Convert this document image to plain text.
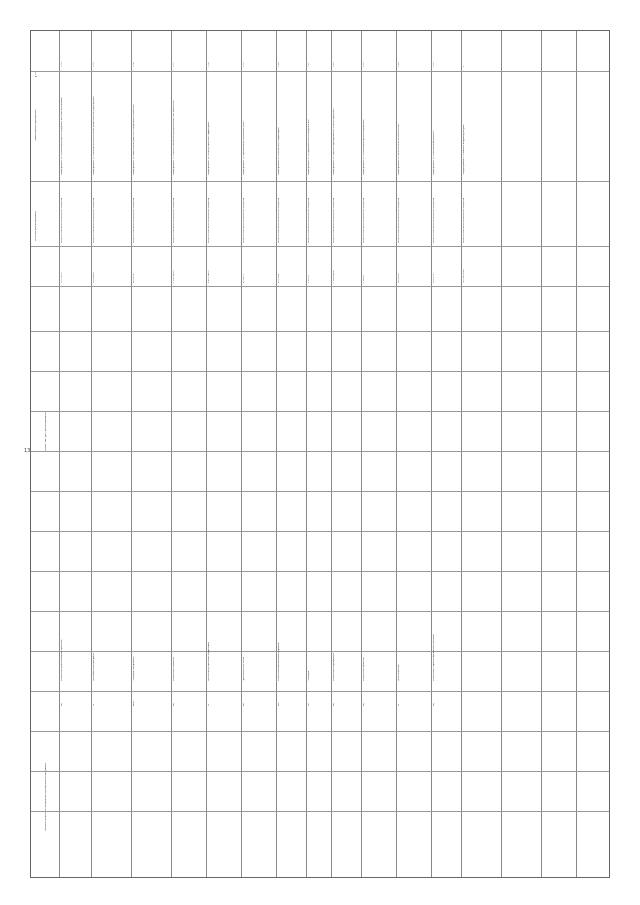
13
№ п/п
Наименование мероприятия
Источник финансирования
Объем (тыс. руб.) финансирования
Целевой показатель (индикатор) муниципальной программы
1.14
Мероприятие 14 «Реализация мер по поддержке местных инициатив»
Всего, в том числе из местного бюджета
197 592,3
Количество реализованных проектов
ед.
1.15
Мероприятие 15 «Расходы на обеспечение деятельности учреждений»
Всего, в том числе из местного бюджета
181 608,8
Доля выполненных работ
%
1.16
Мероприятие 16 «Выполнение работ по содержанию объектов»
Всего, в том числе из местного бюджета
65 557,8
Площадь содержания
кв.м
1.17
Мероприятие 17 «Ремонт объектов муниципальной собственности»
Всего, в том числе из местного бюджета
5 230 428,9
Количество объектов
ед.
1.18
Мероприятие 18 «Благоустройство территорий»
Всего, в том числе из местного бюджета
4 875 380,3
Доля благоустроенных территорий
%
1.19
Мероприятие 19 «Организация освещения улиц»
Всего, в том числе из местного бюджета
81 427,7
Протяженность сетей
км
1.20
Мероприятие 20 «Озеленение территорий»
Всего, в том числе из местного бюджета
43 010,8
Количество высаженных деревьев
шт.
1.21
Мероприятие 21 «Содержание мест захоронения»
Всего, в том числе из местного бюджета
9 213,9
Площадь
га
1.22
Мероприятие 22 «Прочие мероприятия по благоустройству»
Всего, в том числе из местного бюджета
1 004 860,6
Количество мероприятий
ед.
1.23
Мероприятие 23 «Реализация проектов развития»
Всего, в том числе из местного бюджета
7 000,0
Количество проектов
ед.
1.24
Мероприятие 24 «Обеспечение безопасности»
Всего, в том числе из местного бюджета
28 412,6
Доля объектов
%
1.25
Мероприятие 25 «Капитальный ремонт»
Всего, в том числе из местного бюджета
20 011,0
Количество отремонтированных объектов
ед.
2
Подпрограмма 2 «Развитие инфраструктуры»
Всего, в том числе из местного бюджета
76 376 924,5
